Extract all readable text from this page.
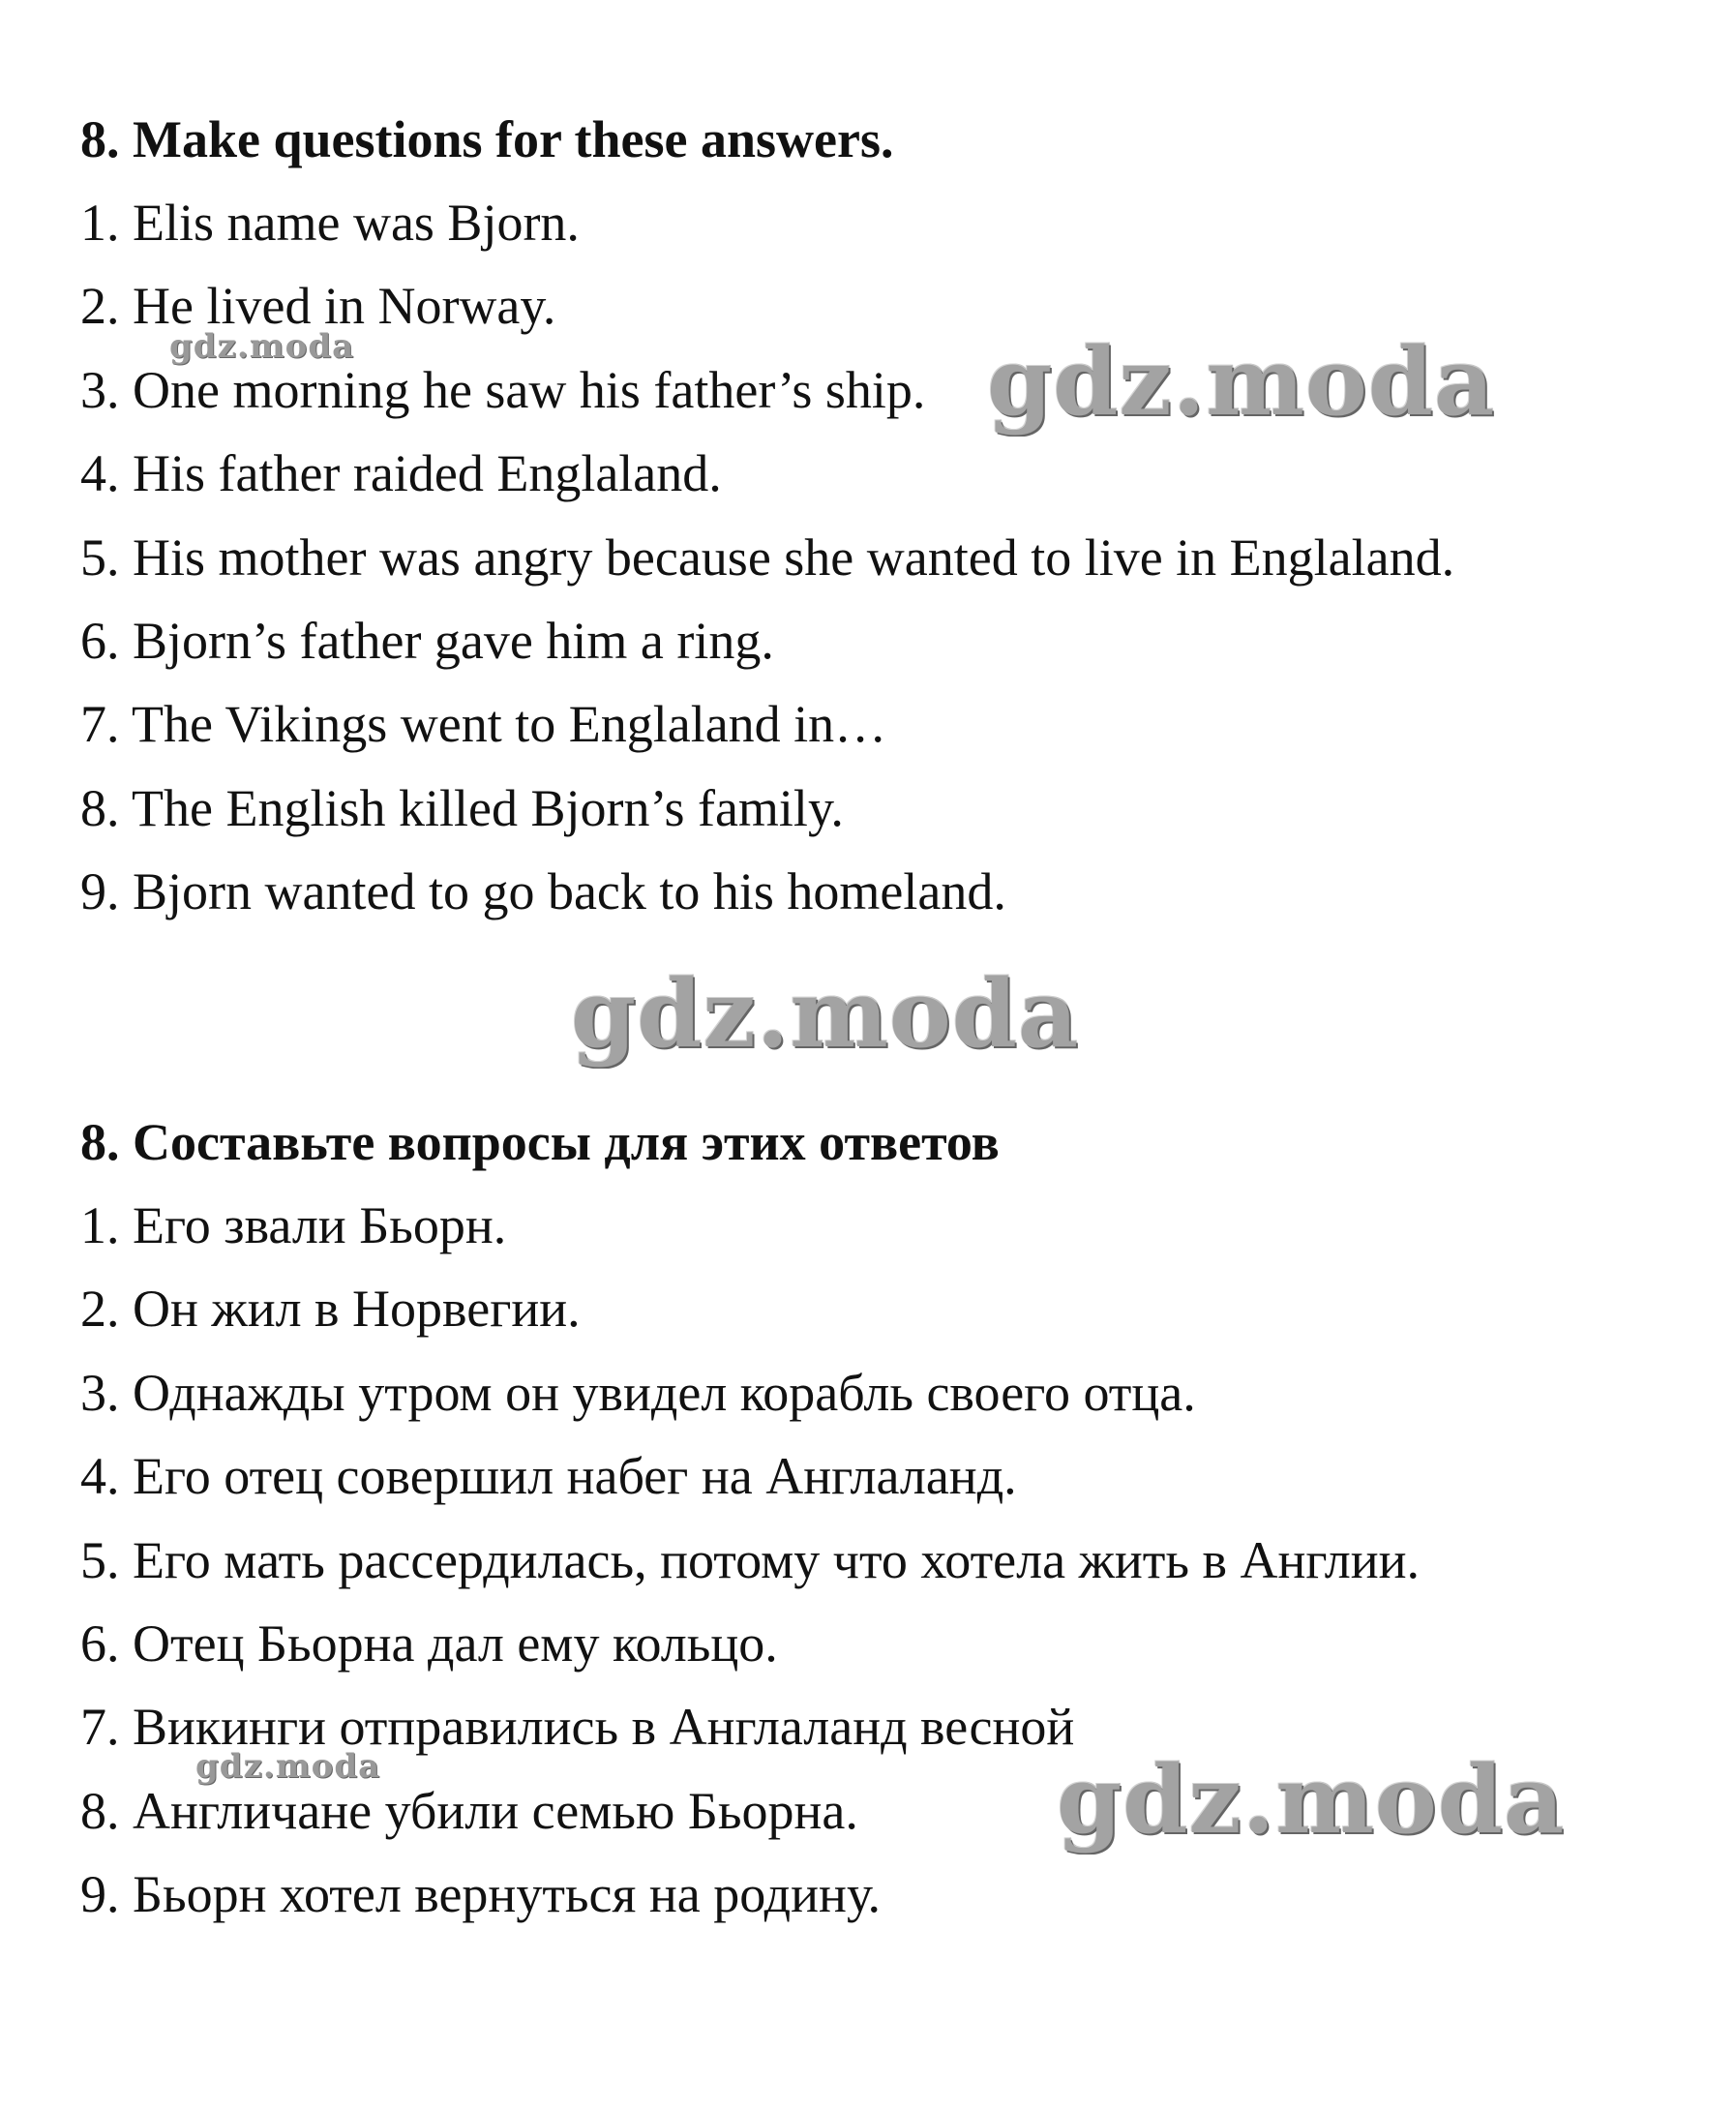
8. Make questions for these answers.
1. Elis name was Bjorn.
2. He lived in Norway.
3. One morning he saw his father’s ship.
4. His father raided Englaland.
5. His mother was angry because she wanted to live in Englaland.
6. Bjorn’s father gave him a ring.
7. The Vikings went to Englaland in…
8. The English killed Bjorn’s family.
9. Bjorn wanted to go back to his homeland.
8. Составьте вопросы для этих ответов
1. Его звали Бьорн.
2. Он жил в Норвегии.
3. Однажды утром он увидел корабль своего отца.
4. Его отец совершил набег на Англаланд.
5. Его мать рассердилась, потому что хотела жить в Англии.
6. Отец Бьорна дал ему кольцо.
7. Викинги отправились в Англаланд весной
8. Англичане убили семью Бьорна.
9. Бьорн хотел вернуться на родину.
gdz.moda	gdz.moda
gdz.moda
gdz.moda	gdz.moda
